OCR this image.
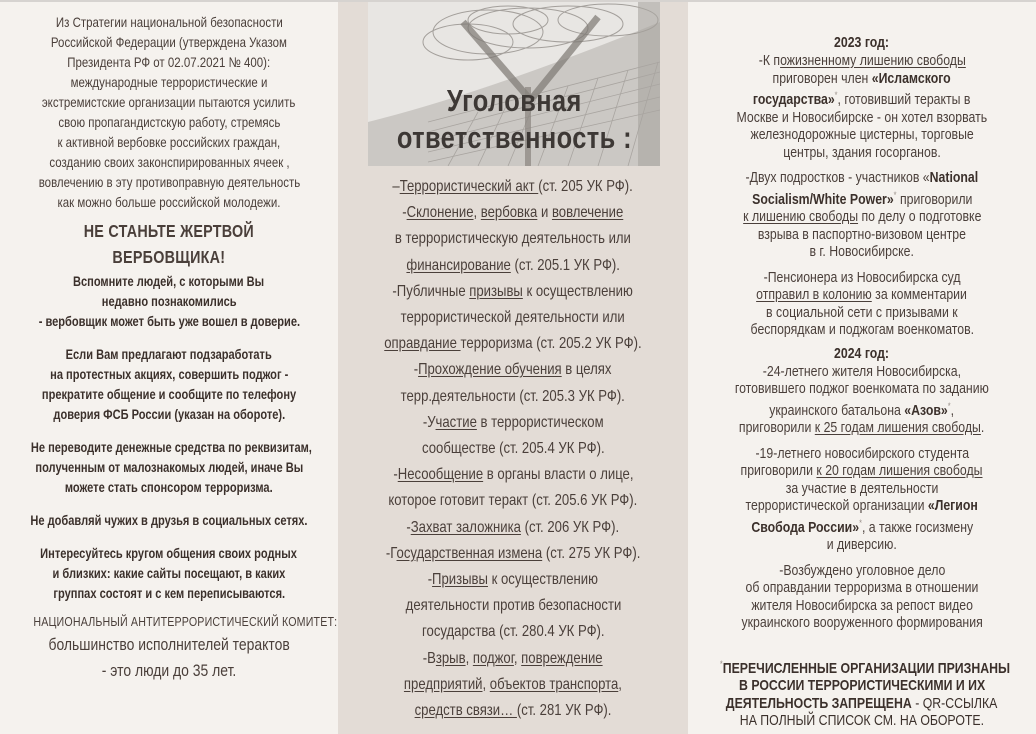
Из Стратегии национальной безопасности
Российской Федерации (утверждена Указом
Президента РФ от 02.07.2021 № 400):
международные террористические и
экстремистские организации пытаются усилить
свою пропагандистскую работу, стремясь
к активной вербовке российских граждан,
созданию своих законспирированных ячеек ,
вовлечению в эту противоправную деятельность
как можно больше российской молодежи.
НЕ СТАНЬТЕ ЖЕРТВОЙВЕРБОВЩИКА!
Вспомните людей, с которыми Вы
недавно познакомились
- вербовщик может быть уже вошел в доверие.
Если Вам предлагают подзаработать
на протестных акциях, совершить поджог -
прекратите общение и сообщите по телефону
доверия ФСБ России (указан на обороте).
Не переводите денежные средства по реквизитам,
полученным от малознакомых людей, иначе Вы
можете стать спонсором терроризма.
Не добавляй чужих в друзья в социальных сетях.
Интересуйтесь кругом общения своих родных
и близких: какие сайты посещают, в каких
группах состоят и с кем переписываются.
НАЦИОНАЛЬНЫЙ АНТИТЕРРОРИСТИЧЕСКИЙ КОМИТЕТ:
большинство исполнителей терактов- это люди до 35 лет.
Уголовная
ответственность :
–Террористический акт (ст. 205 УК РФ).
-Склонение, вербовка и вовлечение
в террористическую деятельность или
финансирование (ст. 205.1 УК РФ).
-Публичные призывы к осуществлению
террористической деятельности или
оправдание терроризма (ст. 205.2 УК РФ).
-Прохождение обучения в целях
терр.деятельности (ст. 205.3 УК РФ).
-Участие в террористическом
сообществе (ст. 205.4 УК РФ).
-Несообщение в органы власти о лице,
которое готовит теракт (ст. 205.6 УК РФ).
-Захват заложника (ст. 206 УК РФ).
-Государственная измена (ст. 275 УК РФ).
-Призывы к осуществлению
деятельности против безопасности
государства (ст. 280.4 УК РФ).
-Взрыв, поджог, повреждение
предприятий, объектов транспорта,
средств связи… (ст. 281 УК РФ).
2023 год:
-К пожизненному лишению свободы
приговорен член «Исламского
государства»*, готовивший теракты в
Москве и Новосибирске - он хотел взорвать
железнодорожные цистерны, торговые
центры, здания госорганов.
-Двух подростков - участников «National
Socialism/White Power»* приговорили
к лишению свободы по делу о подготовке
взрыва в паспортно-визовом центре
в г. Новосибирске.
-Пенсионера из Новосибирска суд
отправил в колонию за комментарии
в социальной сети с призывами к
беспорядкам и поджогам военкоматов.
2024 год:
-24-летнего жителя Новосибирска,
готовившего поджог военкомата по заданию
украинского батальона «Азов»*,
приговорили к 25 годам лишения свободы.
-19-летнего новосибирского студента
приговорили к 20 годам лишения свободы
за участие в деятельности
террористической организации «Легион
Свобода России»*, а также госизмену
и диверсию.
-Возбуждено уголовное дело
об оправдании терроризма в отношении
жителя Новосибирска за репост видео
украинского вооруженного формирования
*ПЕРЕЧИСЛЕННЫЕ ОРГАНИЗАЦИИ ПРИЗНАНЫ
В РОССИИ ТЕРРОРИСТИЧЕСКИМИ И ИХ
ДЕЯТЕЛЬНОСТЬ ЗАПРЕЩЕНА - QR-ССЫЛКА
НА ПОЛНЫЙ СПИСОК СМ. НА ОБОРОТЕ.
